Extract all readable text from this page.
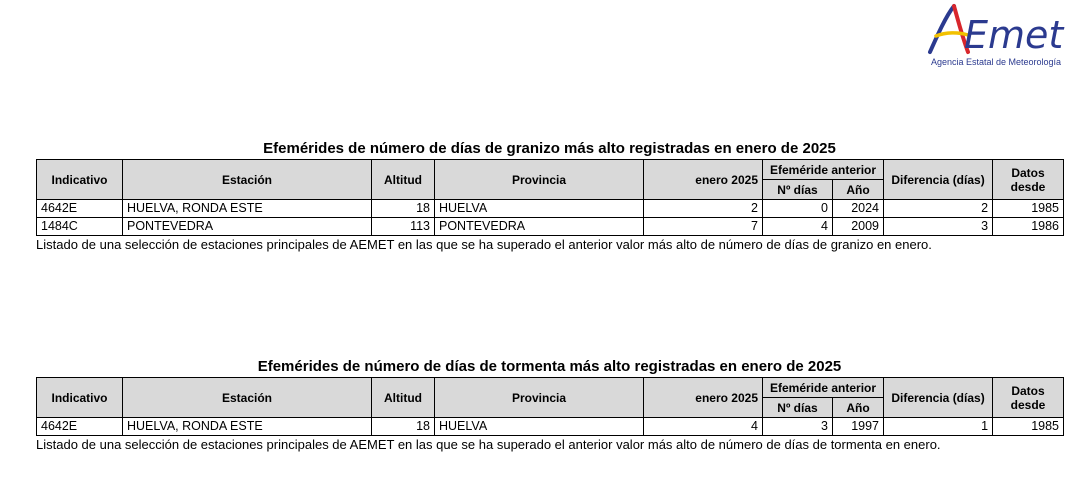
Emet
Agencia Estatal de Meteorología
Efemérides de número de días de granizo más alto registradas en enero de 2025
Indicativo	Estación	Altitud	Provincia	enero 2025	Efeméride anterior		Diferencia (días)	Datos
desde
					Nº días	Año		
4642E	HUELVA, RONDA ESTE	18	HUELVA	2	0	2024	2	1985
1484C	PONTEVEDRA	113	PONTEVEDRA	7	4	2009	3	1986
Listado de una selección de estaciones principales de AEMET en las que se ha superado el anterior valor más alto de número de días de granizo en enero.
Efemérides de número de días de tormenta más alto registradas en enero de 2025
Indicativo	Estación	Altitud	Provincia	enero 2025	Efeméride anterior		Diferencia (días)	Datos
desde
					Nº días	Año		
4642E	HUELVA, RONDA ESTE	18	HUELVA	4	3	1997	1	1985
Listado de una selección de estaciones principales de AEMET en las que se ha superado el anterior valor más alto de número de días de tormenta en enero.
